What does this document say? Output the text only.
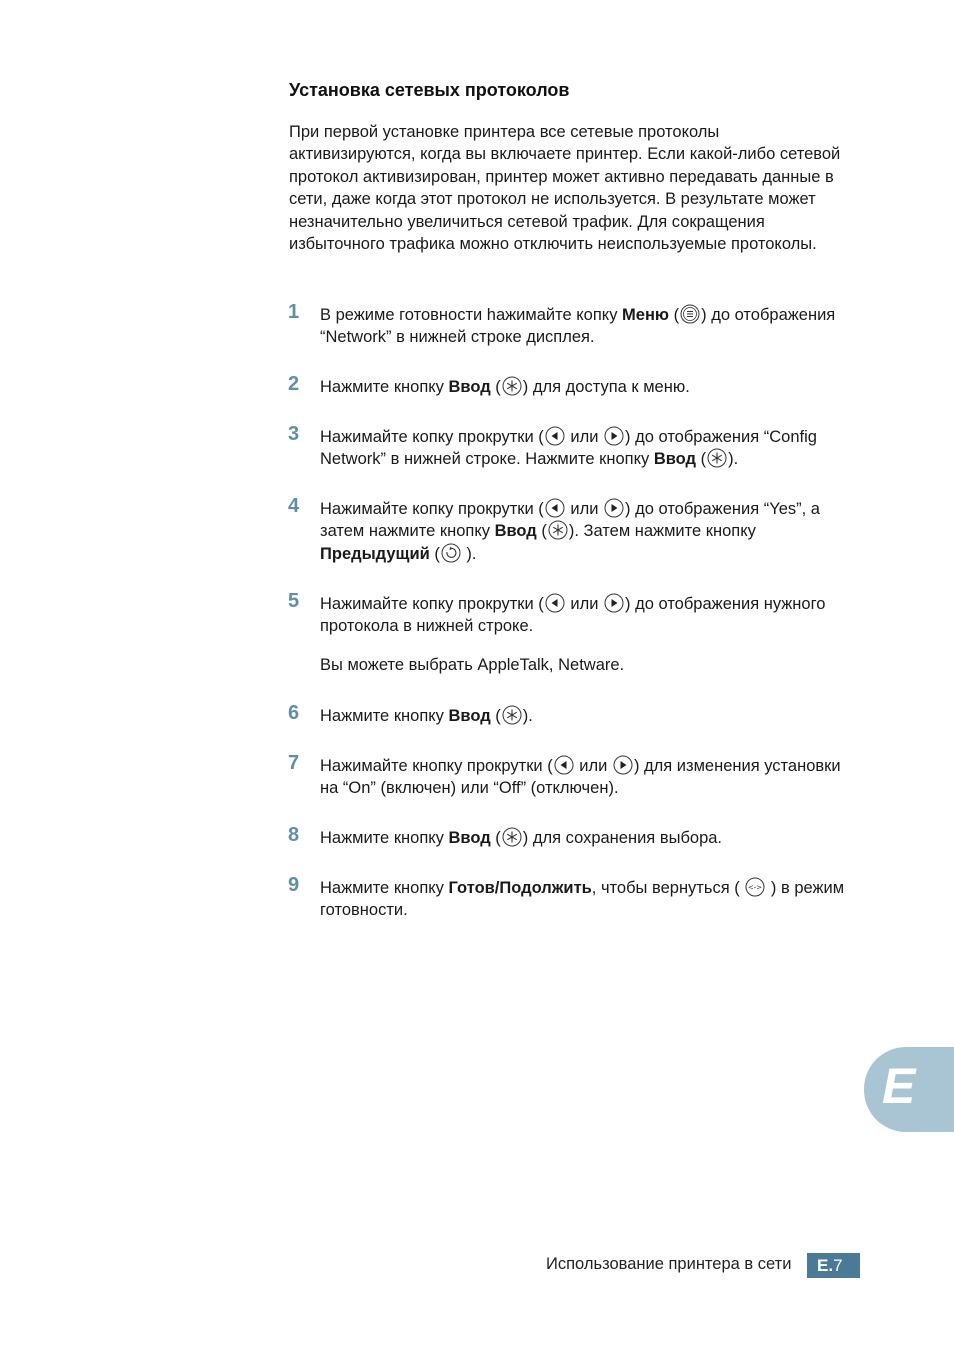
Установка сетевых протоколов

При первой установке принтера все сетевые протоколы активизируются, когда вы включаете принтер. Если какой-либо сетевой протокол активизирован, принтер может активно передавать данные в сети, даже когда этот протокол не используется. В результате может незначительно увеличиться сетевой трафик. Для сокращения избыточного трафика можно отключить неиспользуемые протоколы.

1 В режиме готовности hажимайте копку Меню ( ) до отображения “Network” в нижней строке дисплея.

2 Нажмите кнопку Ввод ( ) для доступа к меню.

3 Нажимайте копку прокрутки ( или ) до отображения “Config Network” в нижней строке. Нажмите кнопку Ввод ( ).

4 Нажимайте копку прокрутки ( или ) до отображения “Yes”, а затем нажмите кнопку Ввод ( ). Затем нажмите кнопку Предыдущий ( ).

5 Нажимайте копку прокрутки ( или ) до отображения нужного протокола в нижней строке.

Вы можете выбрать AppleTalk, Netware.

6 Нажмите кнопку Ввод ( ).

7 Нажимайте кнопку прокрутки ( или ) для изменения установки на “On” (включен) или “Off” (отключен).

8 Нажмите кнопку Ввод ( ) для сохранения выбора.

9 Нажмите кнопку Готов/Подолжить, чтобы вернуться (  ) в режим готовности.

E
Использование принтера в сети	E.7
